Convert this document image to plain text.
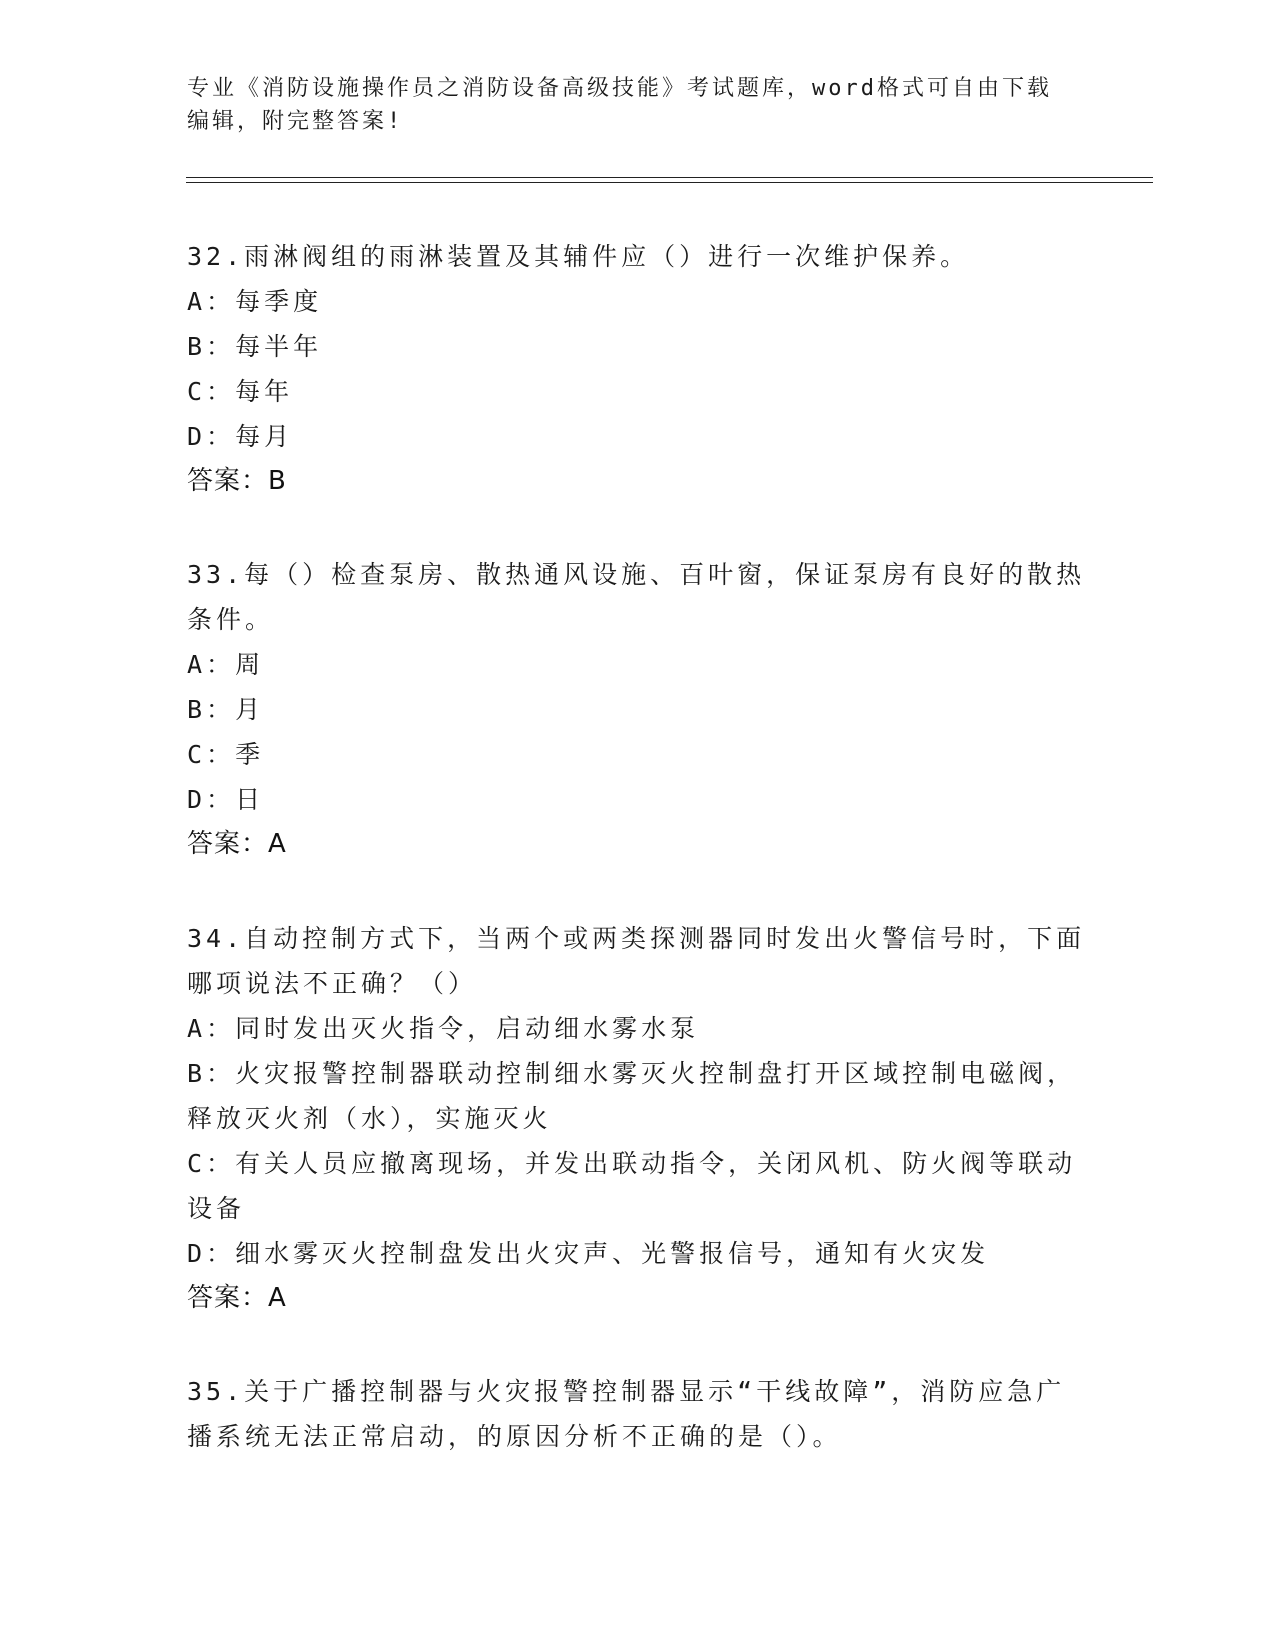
专业《消防设施操作员之消防设备高级技能》考试题库，word格式可自由下载编辑，附完整答案!

32.雨淋阀组的雨淋装置及其辅件应（）进行一次维护保养。

A：每季度

B：每半年

C：每年

D：每月

答案：B

33.每（）检查泵房、散热通风设施、百叶窗，保证泵房有良好的散热条件。

A：周

B：月

C：季

D：日

答案：A

34.自动控制方式下，当两个或两类探测器同时发出火警信号时，下面哪项说法不正确？（）

A：同时发出灭火指令，启动细水雾水泵

B：火灾报警控制器联动控制细水雾灭火控制盘打开区域控制电磁阀，释放灭火剂（水），实施灭火

C：有关人员应撤离现场，并发出联动指令，关闭风机、防火阀等联动设备

D：细水雾灭火控制盘发出火灾声、光警报信号，通知有火灾发

答案：A

35.关于广播控制器与火灾报警控制器显示“干线故障”，消防应急广播系统无法正常启动，的原因分析不正确的是（）。
